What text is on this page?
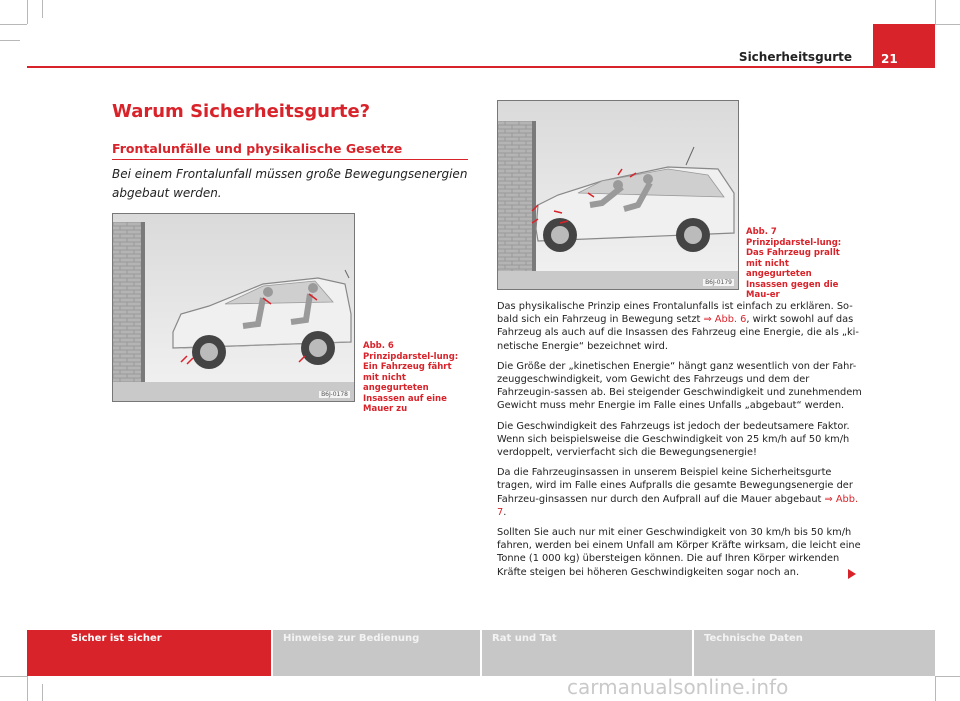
Sicherheitsgurte	21
Warum Sicherheitsgurte?
Frontalunfälle und physikalische Gesetze

Bei einem Frontalunfall müssen große Bewegungsenergien abgebaut werden.

B6J-0178

Abb. 6 Prinzipdarstel-lung: Ein Fahrzeug fährt mit nicht angegurteten Insassen auf eine Mauer zu

B6J-0179

Abb. 7 Prinzipdarstel-lung: Das Fahrzeug prallt mit nicht angegurteten Insassen gegen die Mau-er

Das physikalische Prinzip eines Frontalunfalls ist einfach zu erklären. So-bald sich ein Fahrzeug in Bewegung setzt ⇒ Abb. 6, wirkt sowohl auf das Fahrzeug als auch auf die Insassen des Fahrzeug eine Energie, die als „ki-netische Energie“ bezeichnet wird.

Die Größe der „kinetischen Energie“ hängt ganz wesentlich von der Fahr-zeuggeschwindigkeit, vom Gewicht des Fahrzeugs und dem der Fahrzeugin-sassen ab. Bei steigender Geschwindigkeit und zunehmendem Gewicht muss mehr Energie im Falle eines Unfalls „abgebaut“ werden.

Die Geschwindigkeit des Fahrzeugs ist jedoch der bedeutsamere Faktor. Wenn sich beispielsweise die Geschwindigkeit von 25 km/h auf 50 km/h verdoppelt, vervierfacht sich die Bewegungsenergie!

Da die Fahrzeuginsassen in unserem Beispiel keine Sicherheitsgurte tragen, wird im Falle eines Aufpralls die gesamte Bewegungsenergie der Fahrzeu-ginsassen nur durch den Aufprall auf die Mauer abgebaut ⇒ Abb. 7.

Sollten Sie auch nur mit einer Geschwindigkeit von 30 km/h bis 50 km/h fahren, werden bei einem Unfall am Körper Kräfte wirksam, die leicht eine Tonne (1 000 kg) übersteigen können. Die auf Ihren Körper wirkenden Kräfte steigen bei höheren Geschwindigkeiten sogar noch an.

Sicher ist sicher	Hinweise zur Bedienung	Rat und Tat	Technische Daten
carmanualsonline.info
